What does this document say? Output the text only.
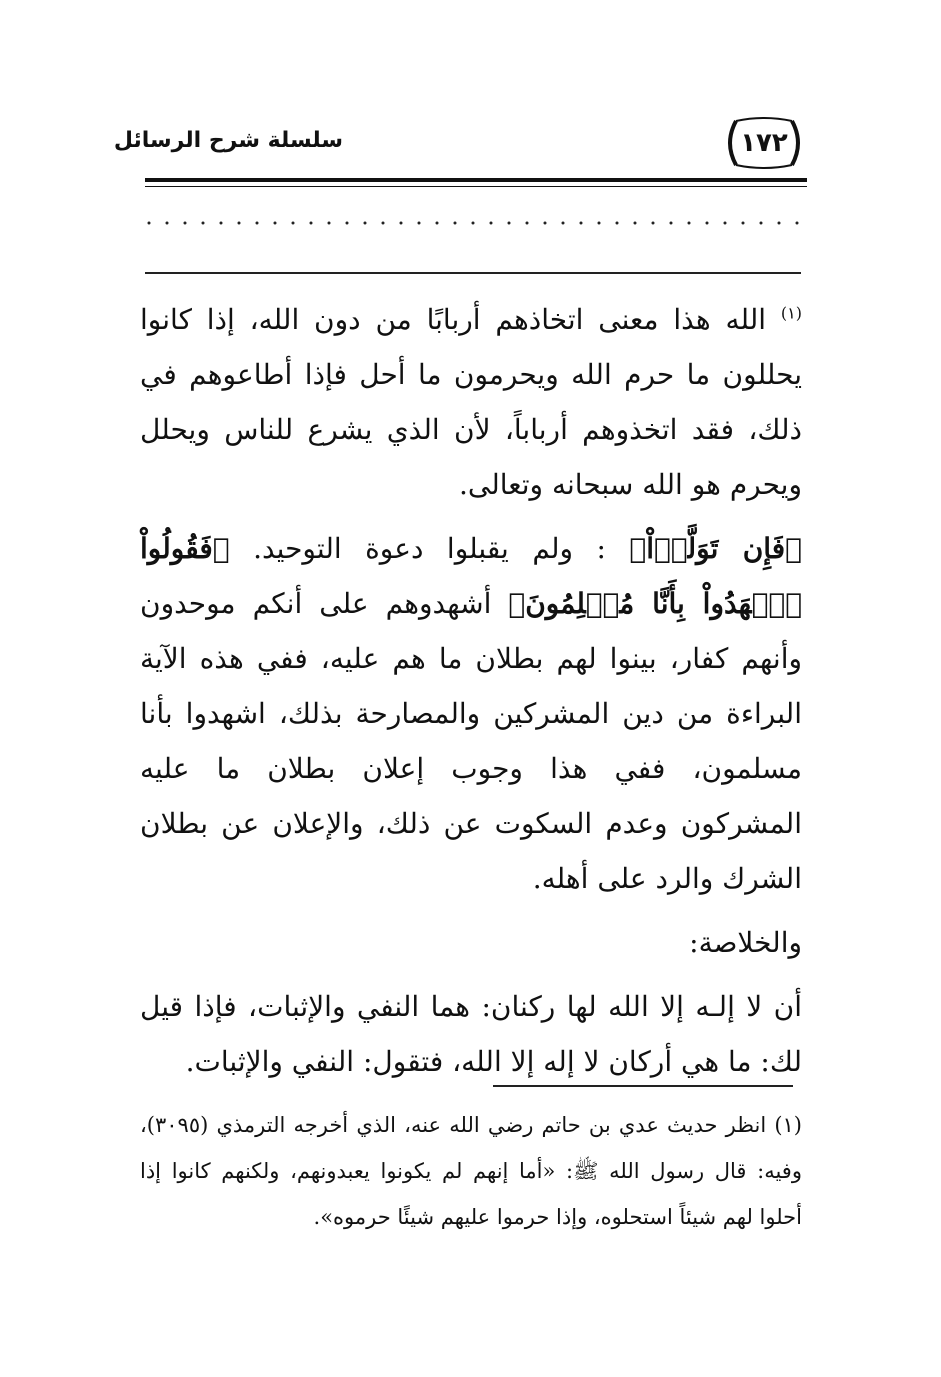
سلسلة شرح الرسائل	١٧٢

$^{(١)}$ الله هذا معنى اتخاذهم أربابًا من دون الله، إذا كانوا يحللون ما حرم الله ويحرمون ما أحل فإذا أطاعوهم في ذلك، فقد اتخذوهم أرباباً، لأن الذي يشرع للناس ويحلل ويحرم هو الله سبحانه وتعالى.

﴿فَإِن تَوَلَّوۡاْ﴾ : ولم يقبلوا دعوة التوحيد. ﴿فَقُولُواْ ٱشۡهَدُواْ بِأَنَّا مُسۡلِمُونَ﴾ أشهدوهم على أنكم موحدون وأنهم كفار، بينوا لهم بطلان ما هم عليه، ففي هذه الآية البراءة من دين المشركين والمصارحة بذلك، اشهدوا بأنا مسلمون، ففي هذا وجوب إعلان بطلان ما عليه المشركون وعدم السكوت عن ذلك، والإعلان عن بطلان الشرك والرد على أهله.

والخلاصة:

أن لا إلـه إلا الله لها ركنان: هما النفي والإثبات، فإذا قيل لك: ما هي أركان لا إله إلا الله، فتقول: النفي والإثبات.

(١) انظر حديث عدي بن حاتم رضي الله عنه، الذي أخرجه الترمذي (٣٠٩٥)، وفيه: قال رسول الله ﷺ: «أما إنهم لم يكونوا يعبدونهم، ولكنهم كانوا إذا أحلوا لهم شيئاً استحلوه، وإذا حرموا عليهم شيئًا حرموه».
